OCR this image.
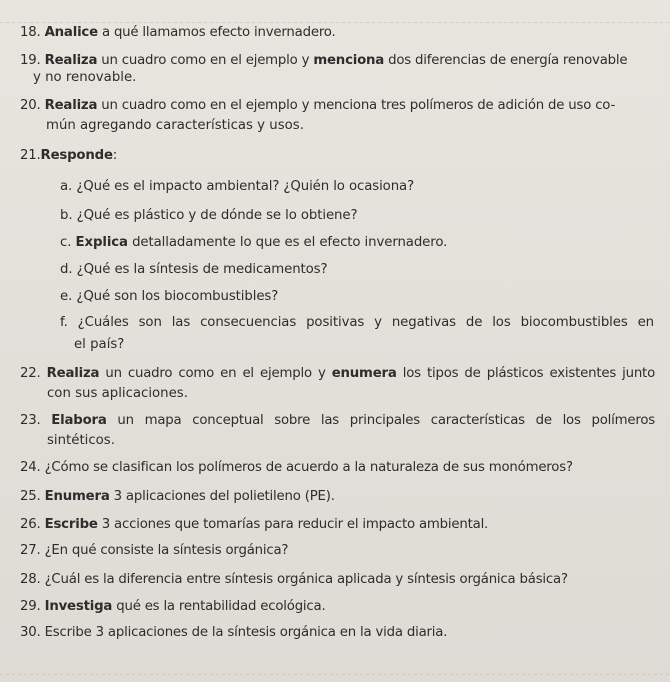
18. Analice a qué llamamos efecto invernadero.
19. Realiza un cuadro como en el ejemplo y menciona dos diferencias de energía renovable
y no renovable.
20. Realiza un cuadro como en el ejemplo y menciona tres polímeros de adición de uso co-
mún agregando características y usos.
21.Responde:
a. ¿Qué es el impacto ambiental? ¿Quién lo ocasiona?
b. ¿Qué es plástico y de dónde se lo obtiene?
c. Explica detalladamente lo que es el efecto invernadero.
d. ¿Qué es la síntesis de medicamentos?
e. ¿Qué son los biocombustibles?
f. ¿Cuáles son las consecuencias positivas y negativas de los biocombustibles en
el país?
22. Realiza un cuadro como en el ejemplo y enumera los tipos de plásticos existentes junto
con sus aplicaciones.
23. Elabora un mapa conceptual sobre las principales características de los polímeros
sintéticos.
24. ¿Cómo se clasifican los polímeros de acuerdo a la naturaleza de sus monómeros?
25. Enumera 3 aplicaciones del polietileno (PE).
26. Escribe 3 acciones que tomarías para reducir el impacto ambiental.
27. ¿En qué consiste la síntesis orgánica?
28. ¿Cuál es la diferencia entre síntesis orgánica aplicada y síntesis orgánica básica?
29. Investiga qué es la rentabilidad ecológica.
30. Escribe 3 aplicaciones de la síntesis orgánica en la vida diaria.
